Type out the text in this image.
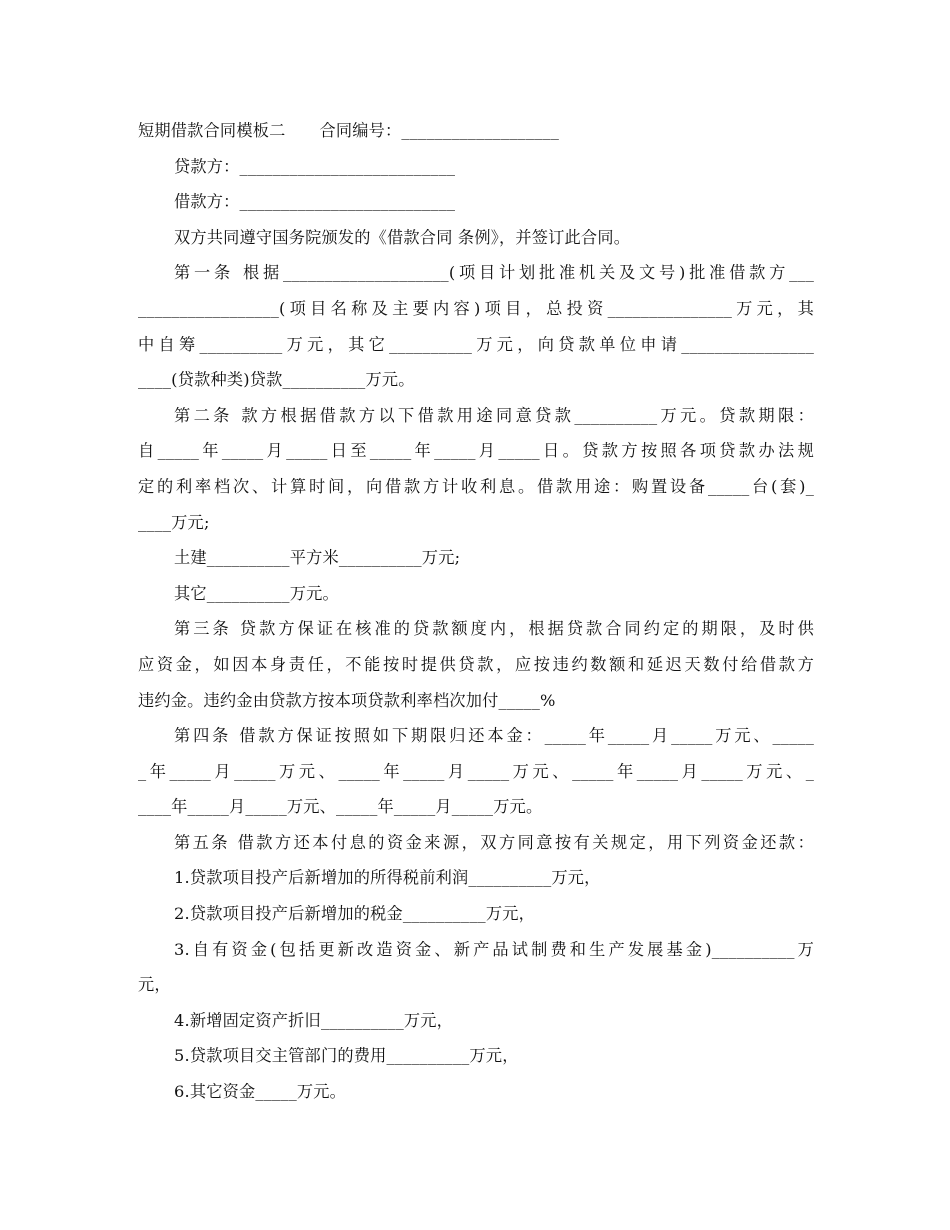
短期借款合同模板二 合同编号：___________________
贷款方：__________________________
借款方：__________________________
双方共同遵守国务院颁发的《借款合同 条例》，并签订此合同。
第一条 根据____________________(项目计划批准机关及文号)批准借款方___
_________________(项目名称及主要内容)项目，总投资_______________万元，其
中自筹__________万元，其它__________万元，向贷款单位申请________________
____(贷款种类)贷款__________万元。
第二条 款方根据借款方以下借款用途同意贷款__________万元。贷款期限：
自_____年_____月_____日至_____年_____月_____日。贷款方按照各项贷款办法规
定的利率档次、计算时间，向借款方计收利息。借款用途：购置设备_____台(套)_
____万元;
土建__________平方米__________万元;
其它__________万元。
第三条 贷款方保证在核准的贷款额度内，根据贷款合同约定的期限，及时供
应资金，如因本身责任，不能按时提供贷款，应按违约数额和延迟天数付给借款方
违约金。违约金由贷款方按本项贷款利率档次加付_____%
第四条 借款方保证按照如下期限归还本金：_____年_____月_____万元、_____
_年_____月_____万元、_____年_____月_____万元、_____年_____月_____万元、_
____年_____月_____万元、_____年_____月_____万元。
第五条 借款方还本付息的资金来源，双方同意按有关规定，用下列资金还款：
1.贷款项目投产后新增加的所得税前利润__________万元，
2.贷款项目投产后新增加的税金__________万元，
3.自有资金(包括更新改造资金、新产品试制费和生产发展基金)__________万
元，
4.新增固定资产折旧__________万元，
5.贷款项目交主管部门的费用__________万元，
6.其它资金_____万元。
